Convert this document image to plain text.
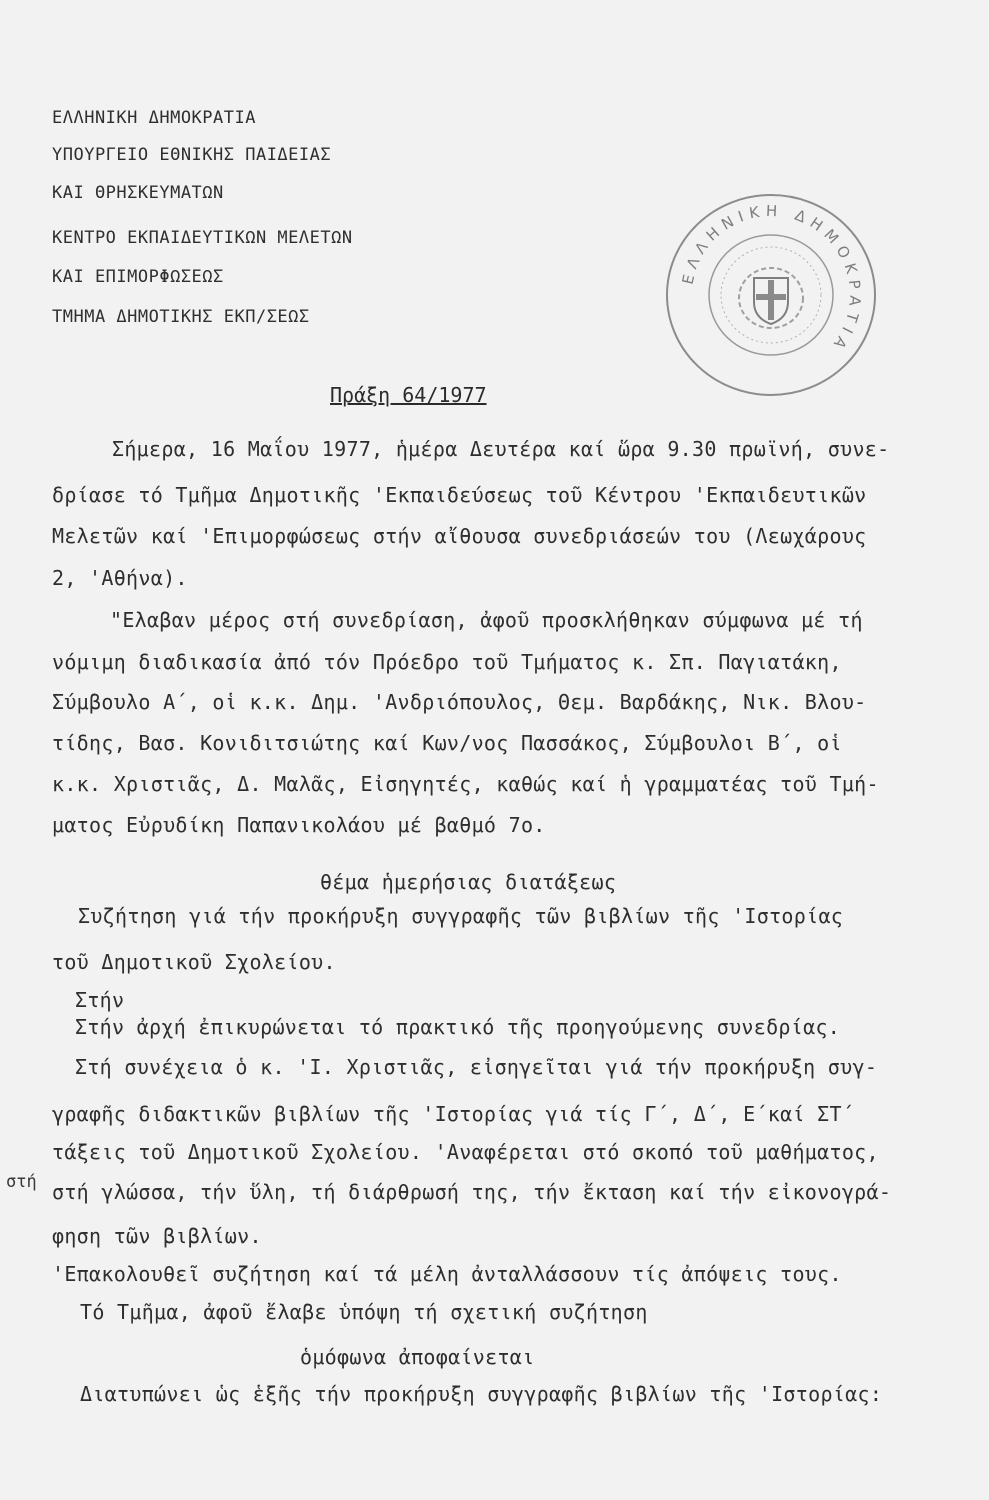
ΕΛΛΗΝΙΚΗ ΔΗΜΟΚΡΑΤΙΑ
ΥΠΟΥΡΓΕΙΟ ΕΘΝΙΚΗΣ ΠΑΙΔΕΙΑΣ
ΚΑΙ ΘΡΗΣΚΕΥΜΑΤΩΝ
ΚΕΝΤΡΟ ΕΚΠΑΙΔΕΥΤΙΚΩΝ ΜΕΛΕΤΩΝ
ΚΑΙ ΕΠΙΜΟΡΦΩΣΕΩΣ
ΤΜΗΜΑ ΔΗΜΟΤΙΚΗΣ ΕΚΠ/ΣΕΩΣ
ΕΛΛΗΝΙΚΗ ΔΗΜΟΚΡΑΤΙΑ
Πράξη 64/1977
Σήμερα, 16 Μαΐου 1977, ἡμέρα Δευτέρα καί ὥρα 9.30 πρωϊνή, συνε-
δρίασε τό Τμῆμα Δημοτικῆς 'Εκπαιδεύσεως τοῦ Κέντρου 'Εκπαιδευτικῶν
Μελετῶν καί 'Επιμορφώσεως στήν αἴθουσα συνεδριάσεών του (Λεωχάρους
2, 'Αθήνα).
"Ελαβαν μέρος στή συνεδρίαση, ἀφοῦ προσκλήθηκαν σύμφωνα μέ τή
νόμιμη διαδικασία ἀπό τόν Πρόεδρο τοῦ Τμήματος κ. Σπ. Παγιατάκη,
Σύμβουλο Α΄, οἱ κ.κ. Δημ. 'Ανδριόπουλος, Θεμ. Βαρδάκης, Νικ. Βλου-
τίδης, Βασ. Κονιδιτσιώτης καί Κων/νος Πασσάκος, Σύμβουλοι Β΄, οἱ
κ.κ. Χριστιᾶς, Δ. Μαλᾶς, Εἰσηγητές, καθώς καί ἡ γραμματέας τοῦ Τμή-
ματος Εὐρυδίκη Παπανικολάου μέ βαθμό 7ο.
θέμα ἡμερήσιας διατάξεως
Συζήτηση γιά τήν προκήρυξη συγγραφῆς τῶν βιβλίων τῆς 'Ιστορίας
τοῦ Δημοτικοῦ Σχολείου.
Στήν
Στήν ἀρχή ἐπικυρώνεται τό πρακτικό τῆς προηγούμενης συνεδρίας.
Στή συνέχεια ὁ κ. 'Ι. Χριστιᾶς, εἰσηγεῖται γιά τήν προκήρυξη συγ-
γραφῆς διδακτικῶν βιβλίων τῆς 'Ιστορίας γιά τίς Γ΄, Δ΄, Ε΄καί ΣΤ΄
τάξεις τοῦ Δημοτικοῦ Σχολείου. 'Αναφέρεται στό σκοπό τοῦ μαθήματος,
στή στή γλώσσα, τήν ὕλη, τή διάρθρωσή της, τήν ἔκταση καί τήν εἰκονογρά-
φηση τῶν βιβλίων.
'Επακολουθεῖ συζήτηση καί τά μέλη ἀνταλλάσσουν τίς ἀπόψεις τους.
Τό Τμῆμα, ἀφοῦ ἔλαβε ὑπόψη τή σχετική συζήτηση
ὁμόφωνα ἀποφαίνεται
Διατυπώνει ὡς ἑξῆς τήν προκήρυξη συγγραφῆς βιβλίων τῆς 'Ιστορίας:
